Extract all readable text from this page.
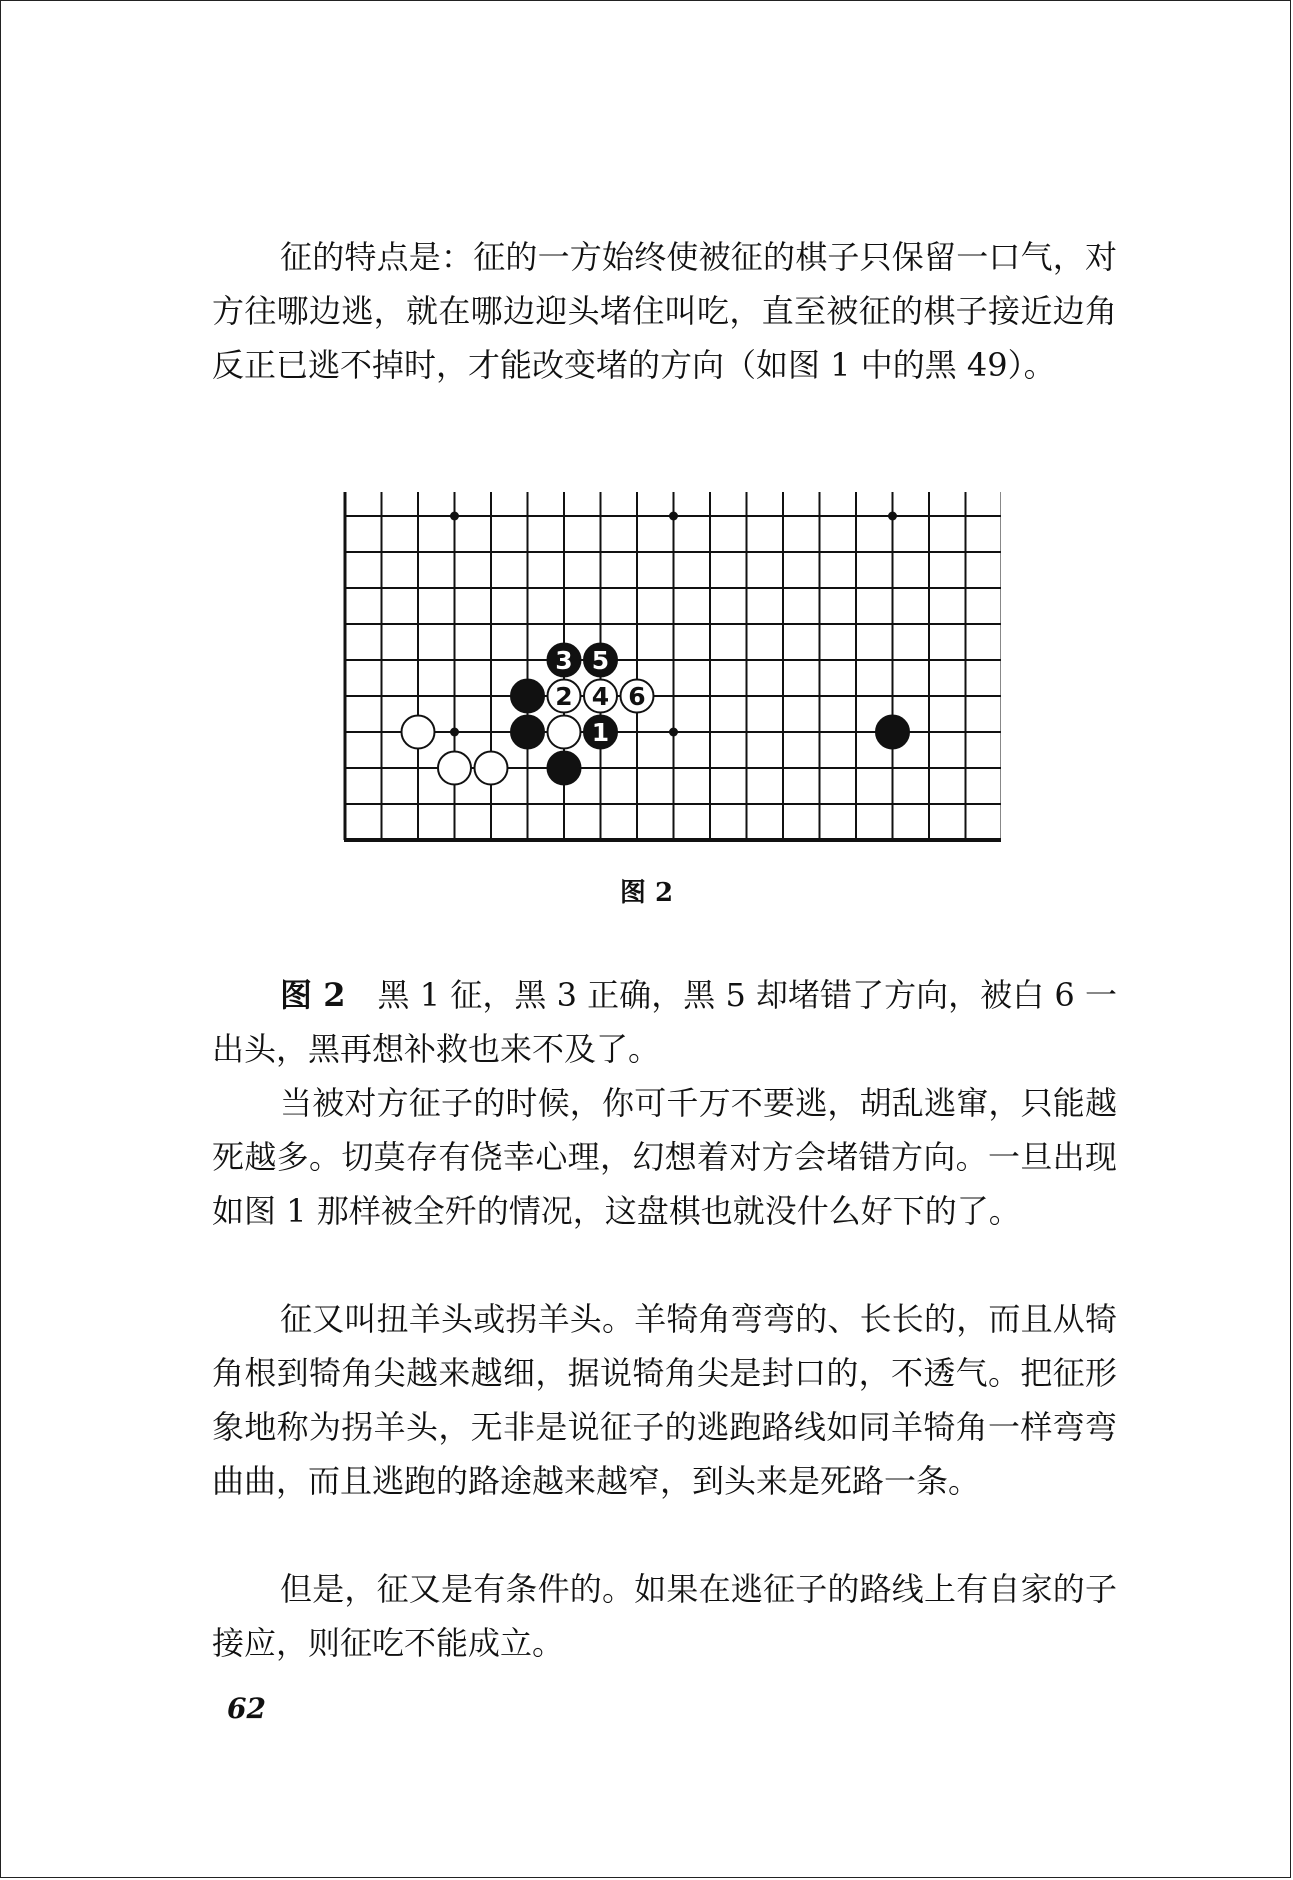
征的特点是：征的一方始终使被征的棋子只保留一口气，对方往哪边逃，就在哪边迎头堵住叫吃，直至被征的棋子接近边角反正已逃不掉时，才能改变堵的方向（如图 1 中的黑 49）。

1
2
3
4
5
6
图 2

图 2　 黑 1 征，黑 3 正确，黑 5 却堵错了方向，被白 6 一出头，黑再想补救也来不及了。

当被对方征子的时候，你可千万不要逃，胡乱逃窜，只能越死越多。切莫存有侥幸心理，幻想着对方会堵错方向。一旦出现如图 1 那样被全歼的情况，这盘棋也就没什么好下的了。

征又叫扭羊头或拐羊头。羊犄角弯弯的、长长的，而且从犄角根到犄角尖越来越细，据说犄角尖是封口的，不透气。把征形象地称为拐羊头，无非是说征子的逃跑路线如同羊犄角一样弯弯曲曲，而且逃跑的路途越来越窄，到头来是死路一条。

但是，征又是有条件的。如果在逃征子的路线上有自家的子接应，则征吃不能成立。

62
